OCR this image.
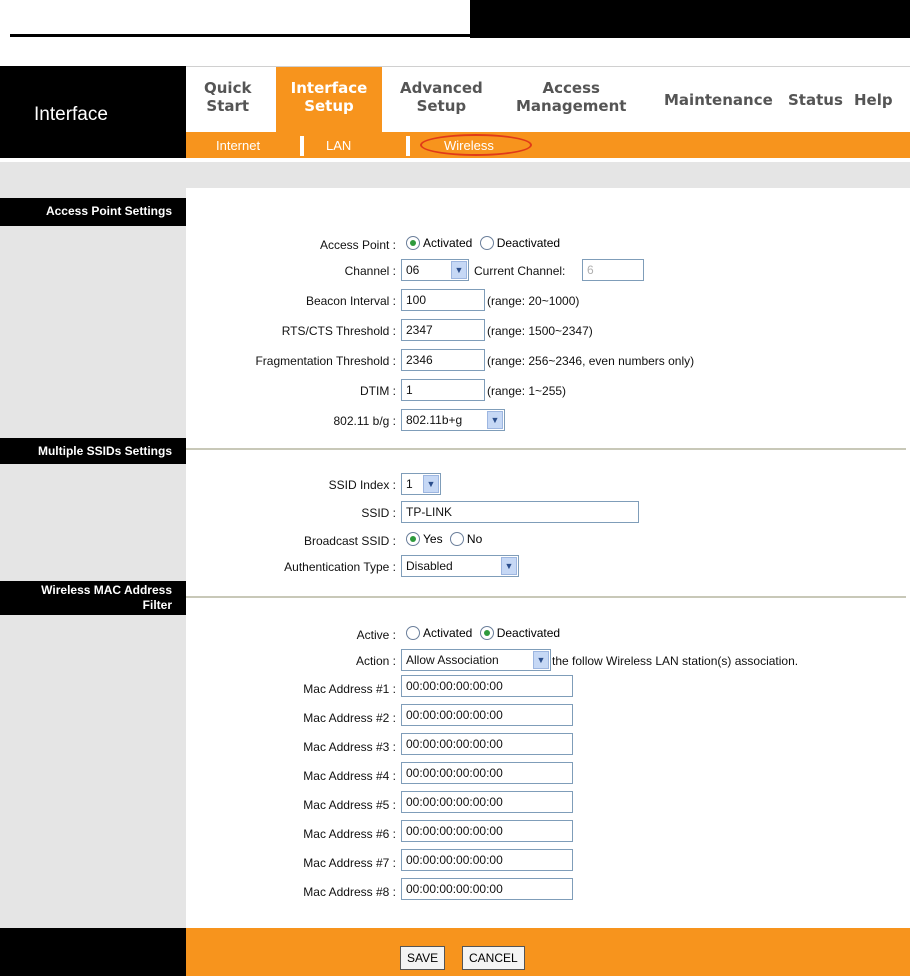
Interface
Quick
Start
Interface
Setup
Advanced
Setup
Access
Management	Maintenance Status Help
Internet	LAN	Wireless
Access Point Settings
Access Point :	Activated Deactivated
Channel : 06	▼ Current Channel:	6
Beacon Interval : 100	(range: 20~1000)
RTS/CTS Threshold : 2347	(range: 1500~2347)
Fragmentation Threshold : 2346	(range: 256~2346, even numbers only)
DTIM : 1	(range: 1~255)
802.11 b/g : 802.11b+g	▼
Multiple SSIDs Settings
SSID Index : 1	▼
SSID : TP-LINK
Broadcast SSID :	Yes No
Authentication Type : Disabled	▼
Wireless MAC Address
Filter
Active :	Activated Deactivated
Action : Allow Association	▼ the follow Wireless LAN station(s) association.
Mac Address #1 : 00:00:00:00:00:00
Mac Address #2 : 00:00:00:00:00:00
Mac Address #3 : 00:00:00:00:00:00
Mac Address #4 : 00:00:00:00:00:00
Mac Address #5 : 00:00:00:00:00:00
Mac Address #6 : 00:00:00:00:00:00
Mac Address #7 : 00:00:00:00:00:00
Mac Address #8 : 00:00:00:00:00:00
SAVE	CANCEL
